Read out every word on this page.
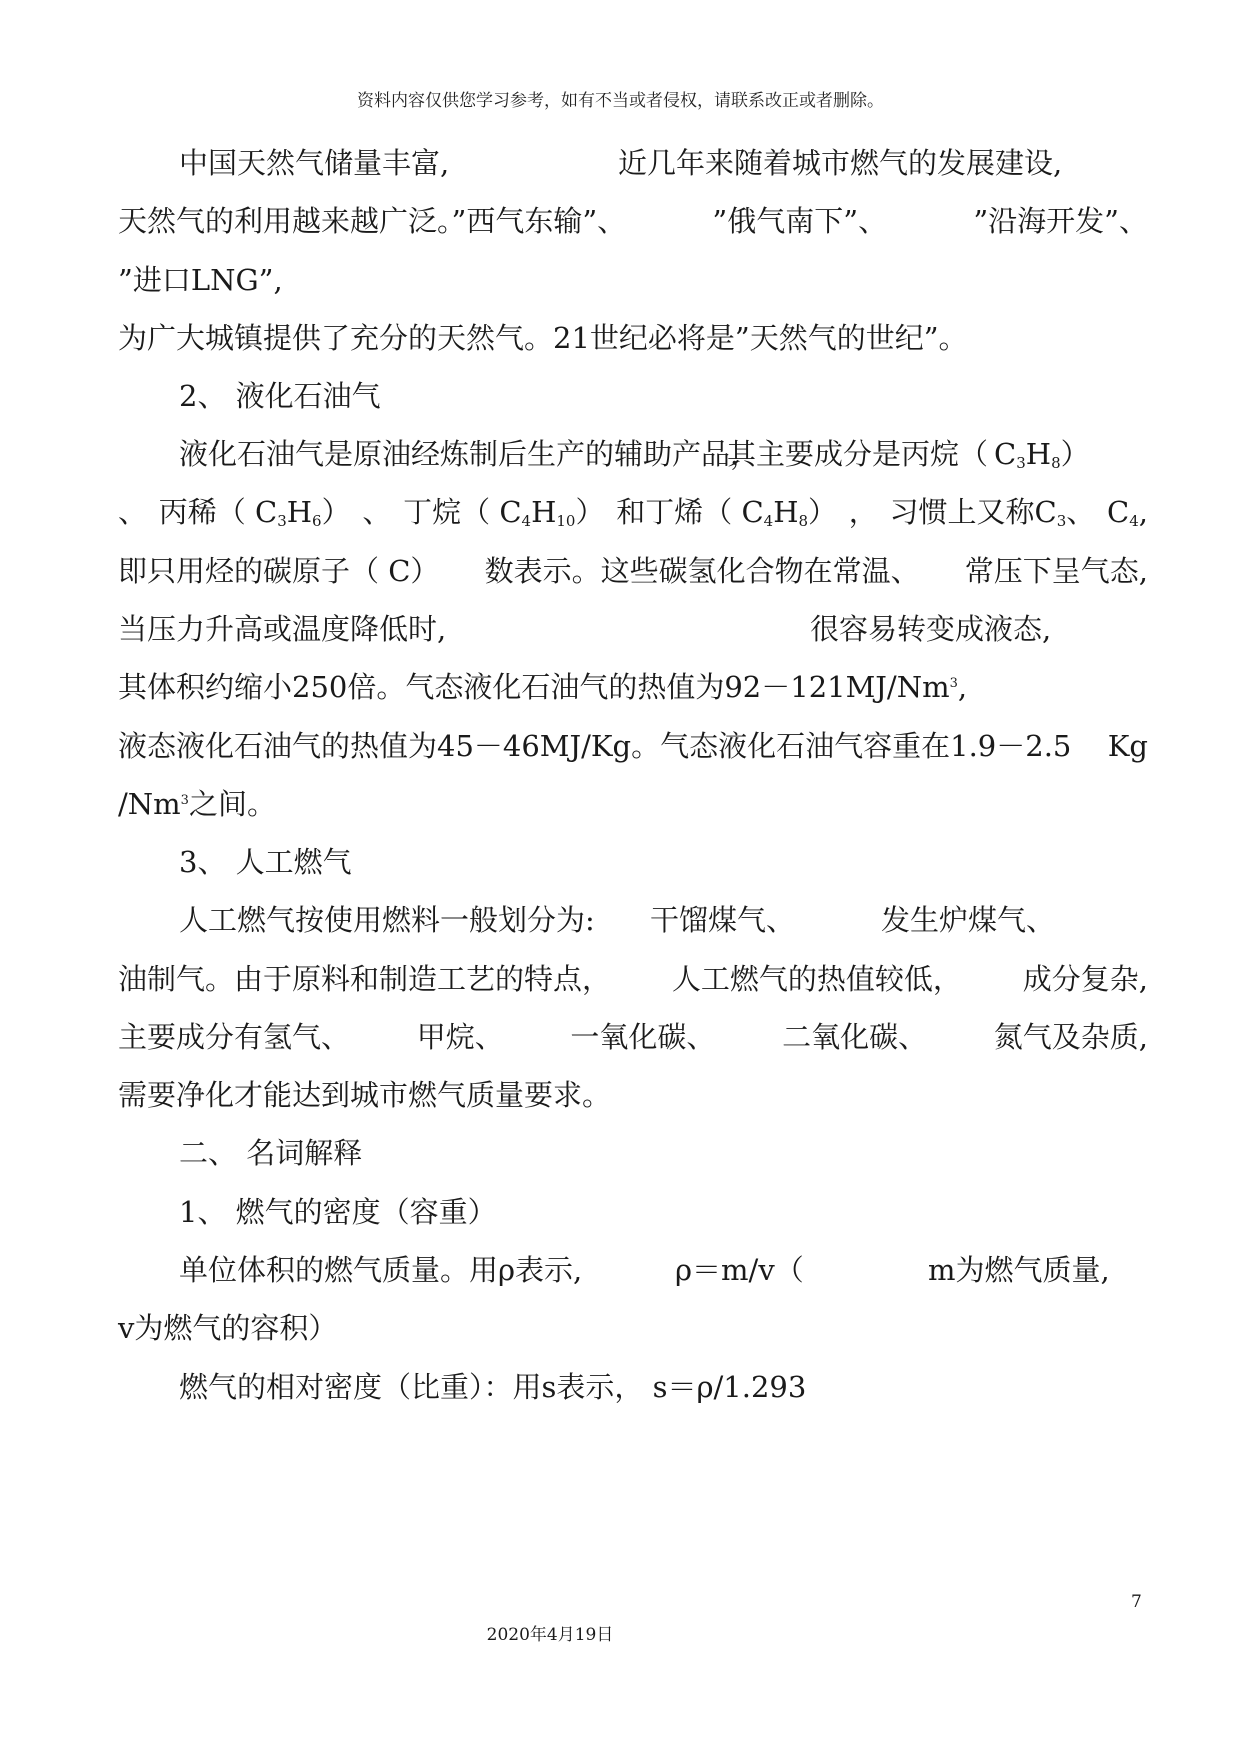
资料内容仅供您学习参考，如有不当或者侵权，请联系改正或者删除。
中国天然气储量丰富,	近几年来随着城市燃气的发展建设,
天然气的利用越来越广泛。”西气东输”、	”俄气南下”、	”沿海开发”、
”进口LNG”,
为广大城镇提供了充分的天然气。21世纪必将是”天然气的世纪”。
2、 液化石油气
液化石油气是原油经炼制后生产的辅助产品，
其主要成分是丙烷（ $C_3H_8$）
、 丙稀（ $C_3H_6$） 、 丁烷（ $C_4H_{10}$） 和丁烯（ $C_4H_8$） ， 习惯上又称$C_3$、 $C_4$,
即只用烃的碳原子（ C） 数表示。这些碳氢化合物在常温、 常压下呈气态,
当压力升高或温度降低时,	很容易转变成液态,
其体积约缩小250倍。气态液化石油气的热值为$92-121MJ/Nm^3$,
液态液化石油气的热值为45－46MJ/Kg。气态液化石油气容重在1.9－2.5 Kg
/Nm$^3$之间。
3、 人工燃气
人工燃气按使用燃料一般划分为: 干馏煤气、	发生炉煤气、
油制气。由于原料和制造工艺的特点， 人工燃气的热值较低， 成分复杂,
主要成分有氢气、 甲烷、 一氧化碳、 二氧化碳、 氮气及杂质,
需要净化才能达到城市燃气质量要求。
二、 名词解释
1、 燃气的密度（容重）
单位体积的燃气质量。用ρ表示,	ρ＝m/v（	m为燃气质量,
v为燃气的容积）
燃气的相对密度（比重）：用s表示， s＝ρ/1.293
7
2020年4月19日
